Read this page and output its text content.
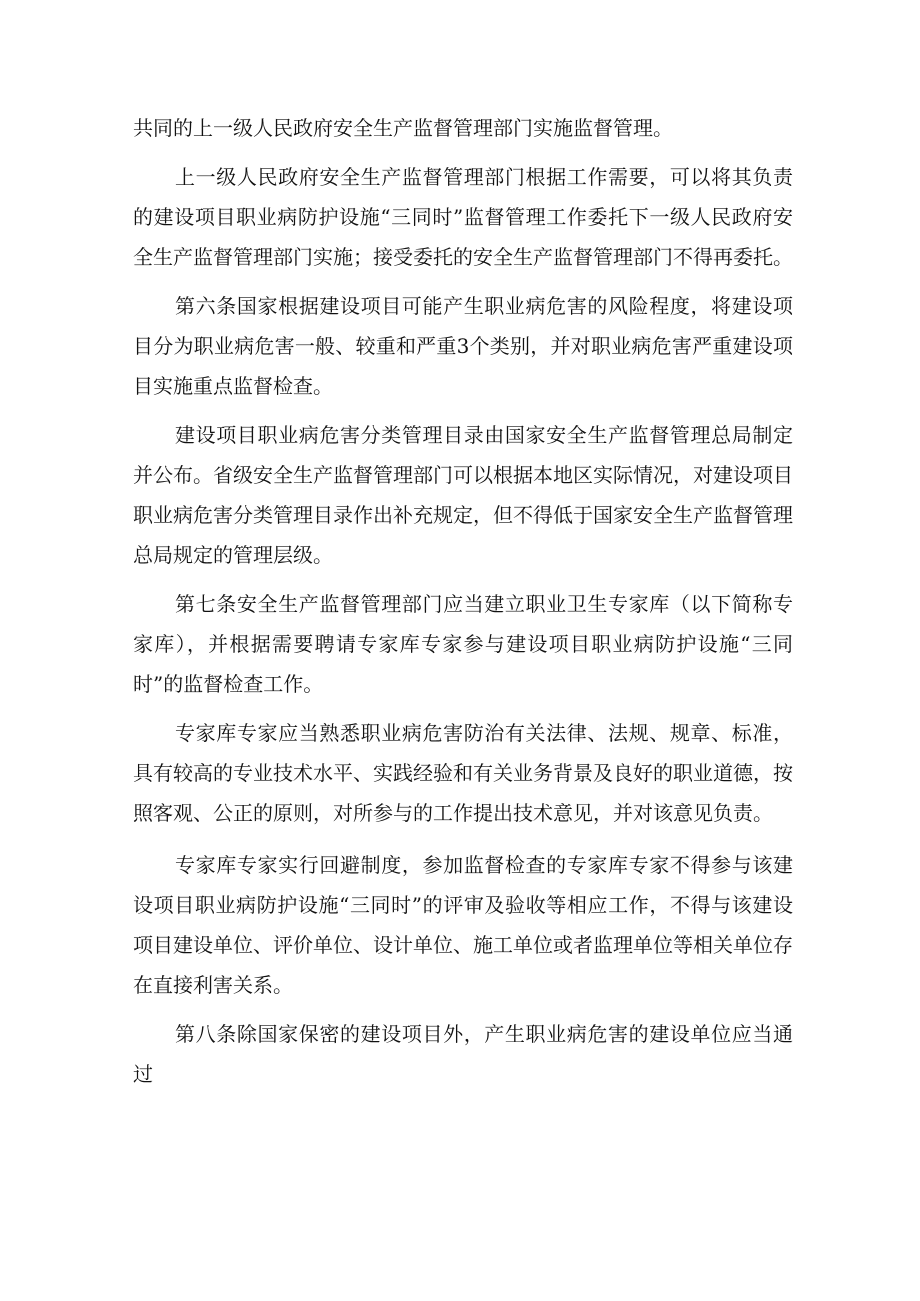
共同的上一级人民政府安全生产监督管理部门实施监督管理。

上一级人民政府安全生产监督管理部门根据工作需要，可以将其负责的建设项目职业病防护设施“三同时”监督管理工作委托下一级人民政府安全生产监督管理部门实施；接受委托的安全生产监督管理部门不得再委托。

第六条国家根据建设项目可能产生职业病危害的风险程度，将建设项目分为职业病危害一般、较重和严重3个类别，并对职业病危害严重建设项目实施重点监督检查。

建设项目职业病危害分类管理目录由国家安全生产监督管理总局制定并公布。省级安全生产监督管理部门可以根据本地区实际情况，对建设项目职业病危害分类管理目录作出补充规定，但不得低于国家安全生产监督管理总局规定的管理层级。

第七条安全生产监督管理部门应当建立职业卫生专家库（以下简称专家库），并根据需要聘请专家库专家参与建设项目职业病防护设施“三同时”的监督检查工作。

专家库专家应当熟悉职业病危害防治有关法律、法规、规章、标准，具有较高的专业技术水平、实践经验和有关业务背景及良好的职业道德，按照客观、公正的原则，对所参与的工作提出技术意见，并对该意见负责。

专家库专家实行回避制度，参加监督检查的专家库专家不得参与该建设项目职业病防护设施“三同时”的评审及验收等相应工作，不得与该建设项目建设单位、评价单位、设计单位、施工单位或者监理单位等相关单位存在直接利害关系。

第八条除国家保密的建设项目外，产生职业病危害的建设单位应当通过
